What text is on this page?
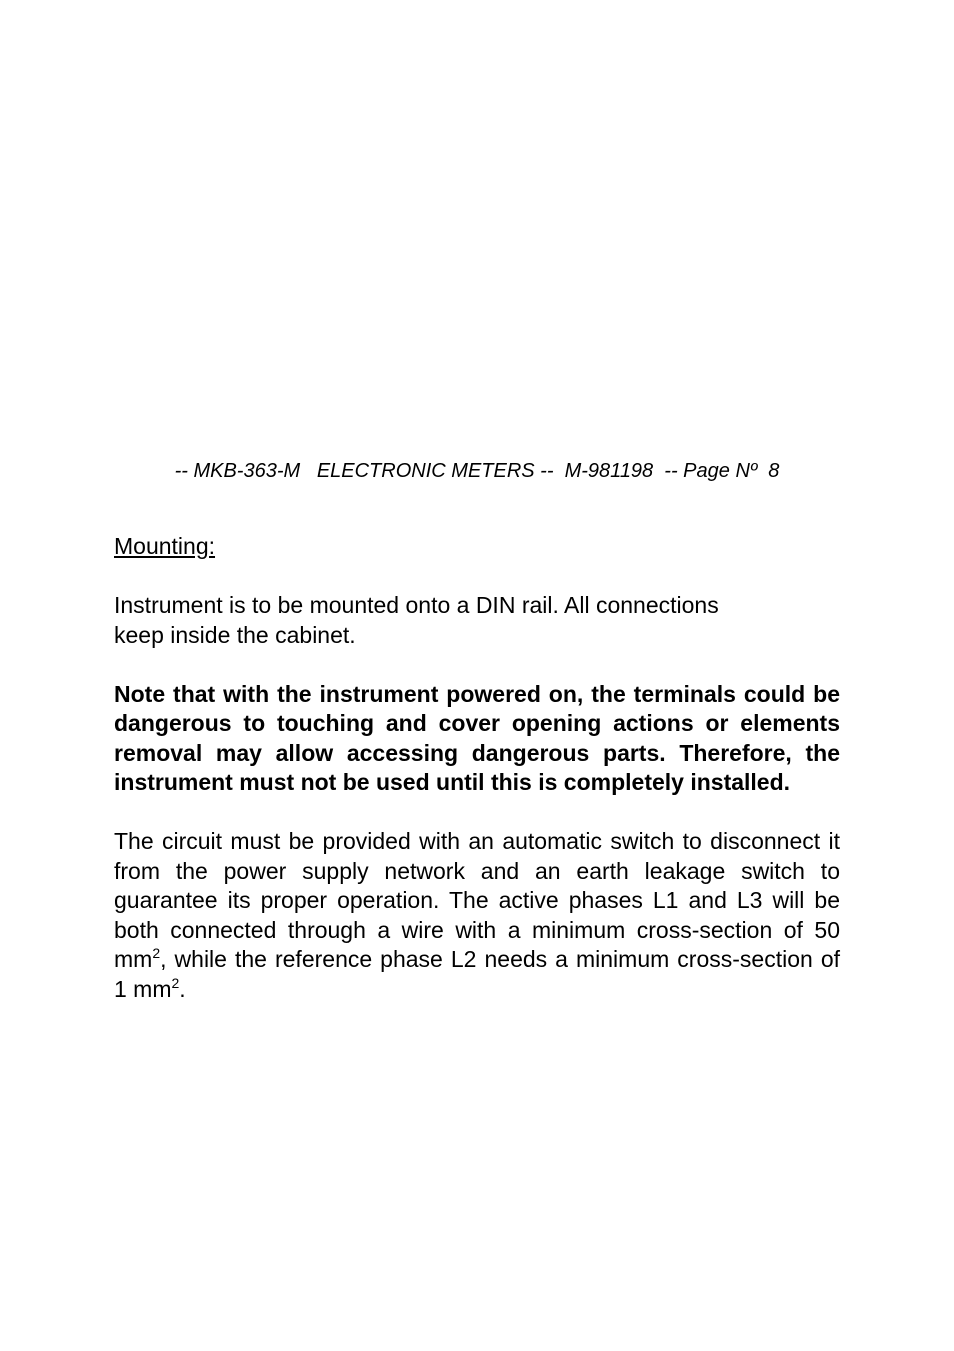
-- MKB-363-M   ELECTRONIC METERS --  M-981198  -- Page Nº  8
Mounting:
Instrument is to be mounted onto a DIN rail. All connections
keep inside the cabinet.
Note that with the instrument powered on, the terminals could be dangerous to touching and cover opening actions or elements removal may allow accessing dangerous parts. Therefore, the instrument must not be used until this is completely installed.
The circuit must be provided with an automatic switch to disconnect it from the power supply network and an earth leakage switch to guarantee its proper operation. The active phases L1 and L3 will be both connected through a wire with a minimum cross-section of 50 $mm^2$, while the reference phase L2 needs a minimum cross-section of 1 $mm^2$.
